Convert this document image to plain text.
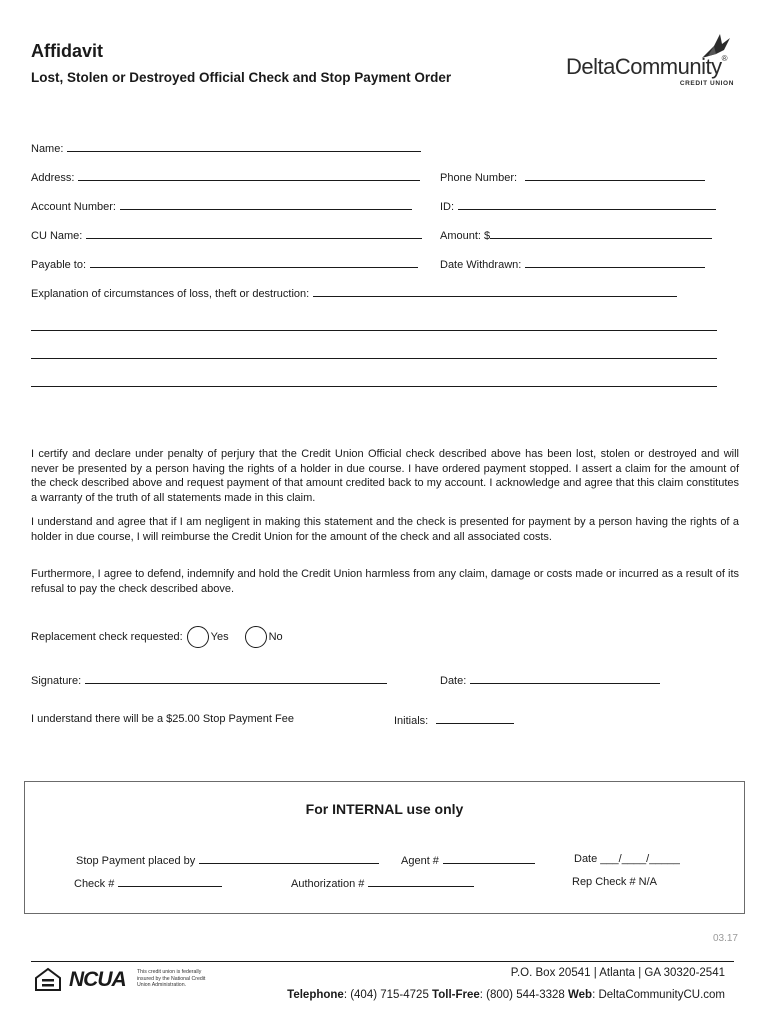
Affidavit
Lost, Stolen or Destroyed Official Check and Stop Payment Order	DeltaCommunity®
CREDIT UNION
Name:
Address:	Phone Number:
Account Number:	ID:
CU Name:	Amount: $
Payable to:	Date Withdrawn:
Explanation of circumstances of loss, theft or destruction:
I certify and declare under penalty of perjury that the Credit Union Official check described above has been lost, stolen or destroyed and will never be presented by a person having the rights of a holder in due course. I have ordered payment stopped. I assert a claim for the amount of the check described above and request payment of that amount credited back to my account. I acknowledge and agree that this claim constitutes a warranty of the truth of all statements made in this claim.
I understand and agree that if I am negligent in making this statement and the check is presented for payment by a person having the rights of a holder in due course, I will reimburse the Credit Union for the amount of the check and all associated costs.
Furthermore, I agree to defend, indemnify and hold the Credit Union harmless from any claim, damage or costs made or incurred as a result of its refusal to pay the check described above.
Replacement check requested:	Yes	No
Signature:	Date:
I understand there will be a $25.00 Stop Payment Fee	Initials:
For INTERNAL use only
Stop Payment placed by	Agent #	Date ___/____/_____
Check #	Authorization #	Rep Check # N/A
03.17
NCUA This credit union is federally insured by the National Credit Union Administration.
P.O. Box 20541 | Atlanta | GA 30320-2541
Telephone: (404) 715-4725 Toll-Free: (800) 544-3328 Web: DeltaCommunityCU.com
